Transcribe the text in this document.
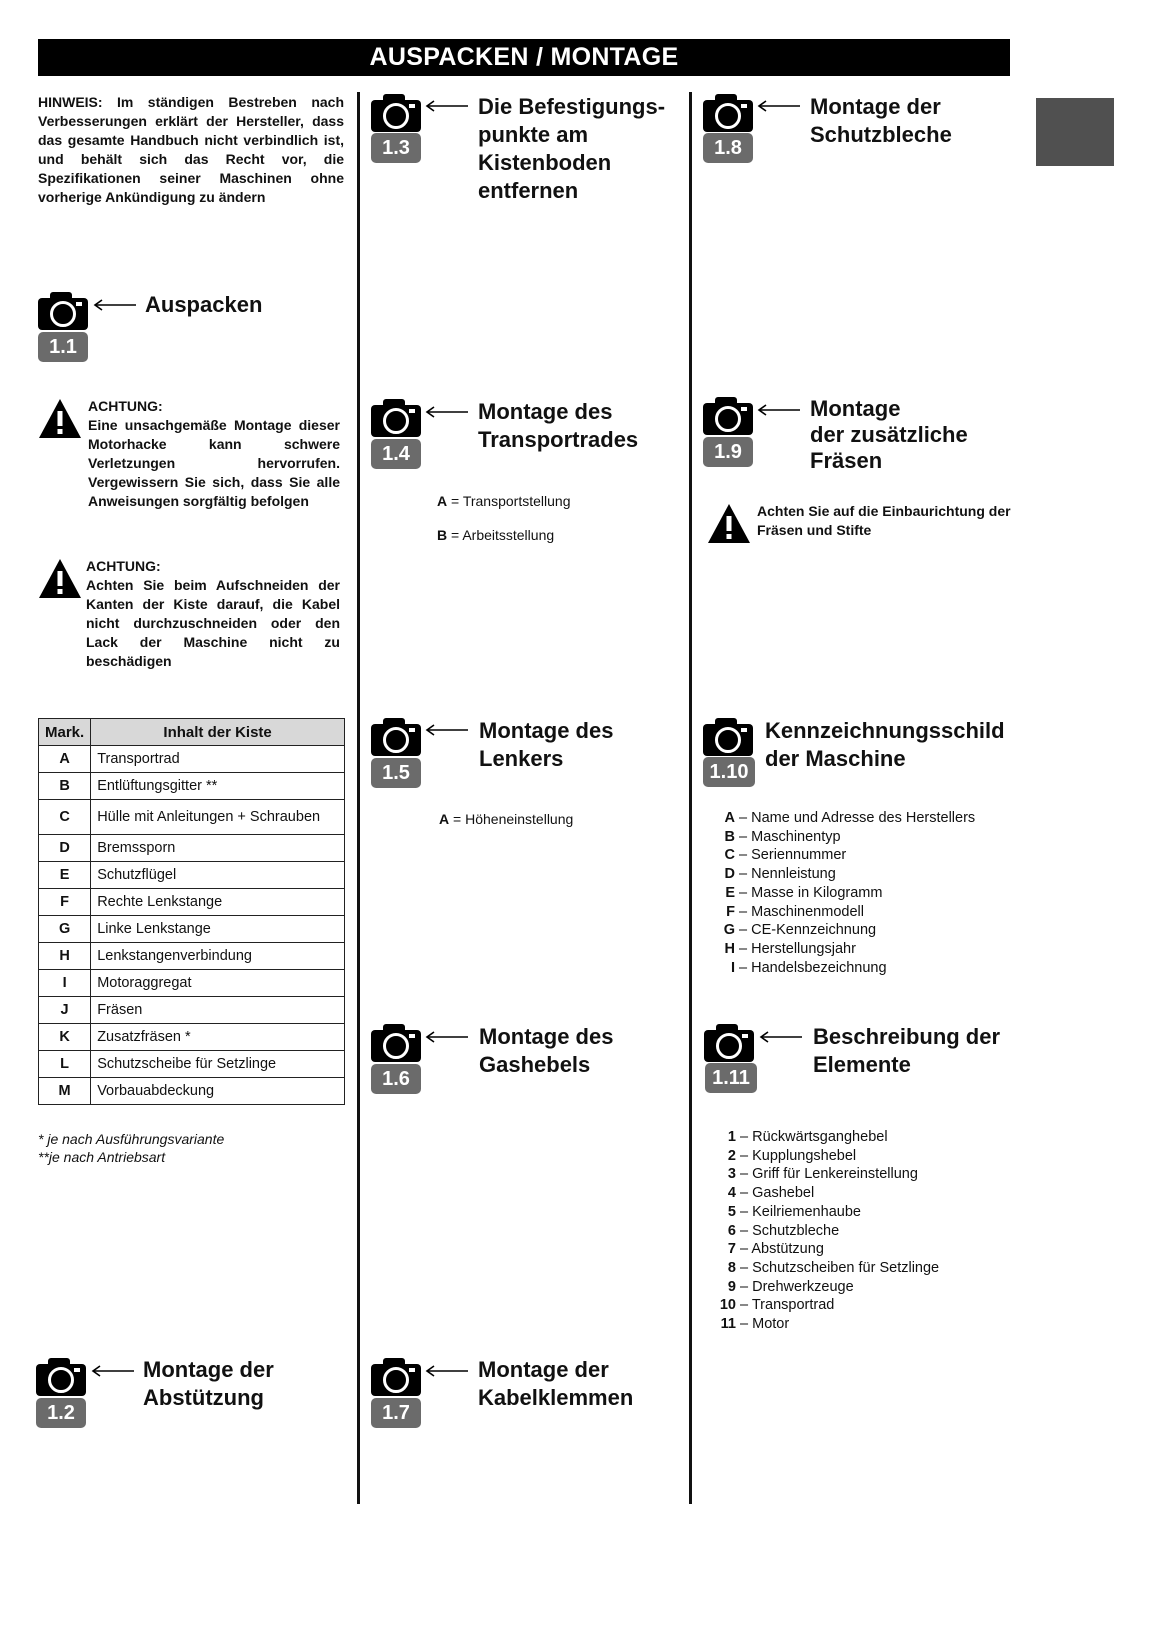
AUSPACKEN / MONTAGE
HINWEIS: Im ständigen Bestreben nach Verbesserungen erklärt der Hersteller, dass das gesamte Handbuch nicht verbindlich ist, und behält sich das Recht vor, die Spezifikationen seiner Maschinen ohne vorherige Ankündigung zu ändern
Auspacken
1.1
ACHTUNG:
Eine unsachgemäße Montage dieser Motorhacke kann schwere Verletzungen hervorrufen. Vergewissern Sie sich, dass Sie alle Anweisungen sorgfältig befolgen
ACHTUNG:
Achten Sie beim Aufschneiden der Kanten der Kiste darauf, die Kabel nicht durchzuschneiden oder den Lack der Maschine nicht zu beschädigen
Mark.	Inhalt der Kiste
A	Transportrad
B	Entlüftungsgitter **
C	Hülle mit Anleitungen + Schrauben
D	Bremssporn
E	Schutzflügel
F	Rechte Lenkstange
G	Linke Lenkstange
H	Lenkstangenverbindung
I	Motoraggregat
J	Fräsen
K	Zusatzfräsen *
L	Schutzscheibe für Setzlinge
M	Vorbauabdeckung
* je nach Ausführungsvariante
**je nach Antriebsart
Montage der
Abstützung
1.2
Die Befestigungs-
punkte am
Kistenboden
entfernen
1.3
Montage des
Transportrades
1.4
A = Transportstellung
B = Arbeitsstellung
Montage des
Lenkers
1.5
A = Höheneinstellung
Montage des
Gashebels
1.6
Montage der
Kabelklemmen
1.7
Montage der
Schutzbleche
1.8
Montage
der zusätzliche
Fräsen
1.9
Achten Sie auf die Einbaurichtung der Fräsen und Stifte
Kennzeichnungsschild
der Maschine
1.10
A – Name und Adresse des Herstellers
B – Maschinentyp
C – Seriennummer
D – Nennleistung
E – Masse in Kilogramm
F – Maschinenmodell
G – CE-Kennzeichnung
H – Herstellungsjahr
I – Handelsbezeichnung
Beschreibung der
Elemente
1.11
1 – Rückwärtsganghebel
2 – Kupplungshebel
3 – Griff für Lenkereinstellung
4 – Gashebel
5 – Keilriemenhaube
6 – Schutzbleche
7 – Abstützung
8 – Schutzscheiben für Setzlinge
9 – Drehwerkzeuge
10 – Transportrad
11 – Motor
